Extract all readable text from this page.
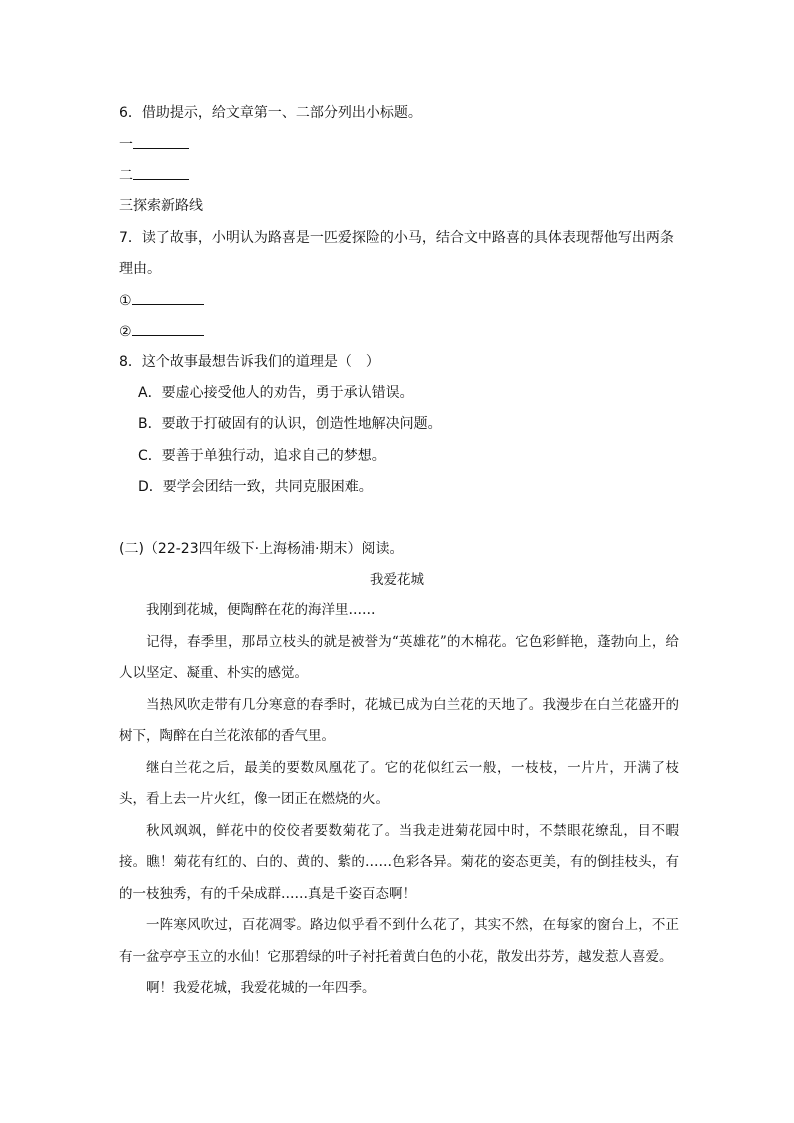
6．借助提示，给文章第一、二部分列出小标题。
一
二
三探索新路线
7．读了故事，小明认为路喜是一匹爱探险的小马，结合文中路喜的具体表现帮他写出两条
理由。
①
②
8．这个故事最想告诉我们的道理是（　）
A．要虚心接受他人的劝告，勇于承认错误。
B．要敢于打破固有的认识，创造性地解决问题。
C．要善于单独行动，追求自己的梦想。
D．要学会团结一致，共同克服困难。
(二)（22-23四年级下·上海杨浦·期末）阅读。
我爱花城

我刚到花城，便陶醉在花的海洋里……

记得，春季里，那昂立枝头的就是被誉为“英雄花”的木棉花。它色彩鲜艳，蓬勃向上，给人以坚定、凝重、朴实的感觉。

当热风吹走带有几分寒意的春季时，花城已成为白兰花的天地了。我漫步在白兰花盛开的树下，陶醉在白兰花浓郁的香气里。

继白兰花之后，最美的要数凤凰花了。它的花似红云一般，一枝枝，一片片，开满了枝头，看上去一片火红，像一团正在燃烧的火。

秋风飒飒，鲜花中的佼佼者要数菊花了。当我走进菊花园中时，不禁眼花缭乱，目不暇接。瞧！菊花有红的、白的、黄的、紫的……色彩各异。菊花的姿态更美，有的倒挂枝头，有的一枝独秀，有的千朵成群……真是千姿百态啊！

一阵寒风吹过，百花凋零。路边似乎看不到什么花了，其实不然，在每家的窗台上，不正有一盆亭亭玉立的水仙！它那碧绿的叶子衬托着黄白色的小花，散发出芬芳，越发惹人喜爱。

啊！我爱花城，我爱花城的一年四季。
